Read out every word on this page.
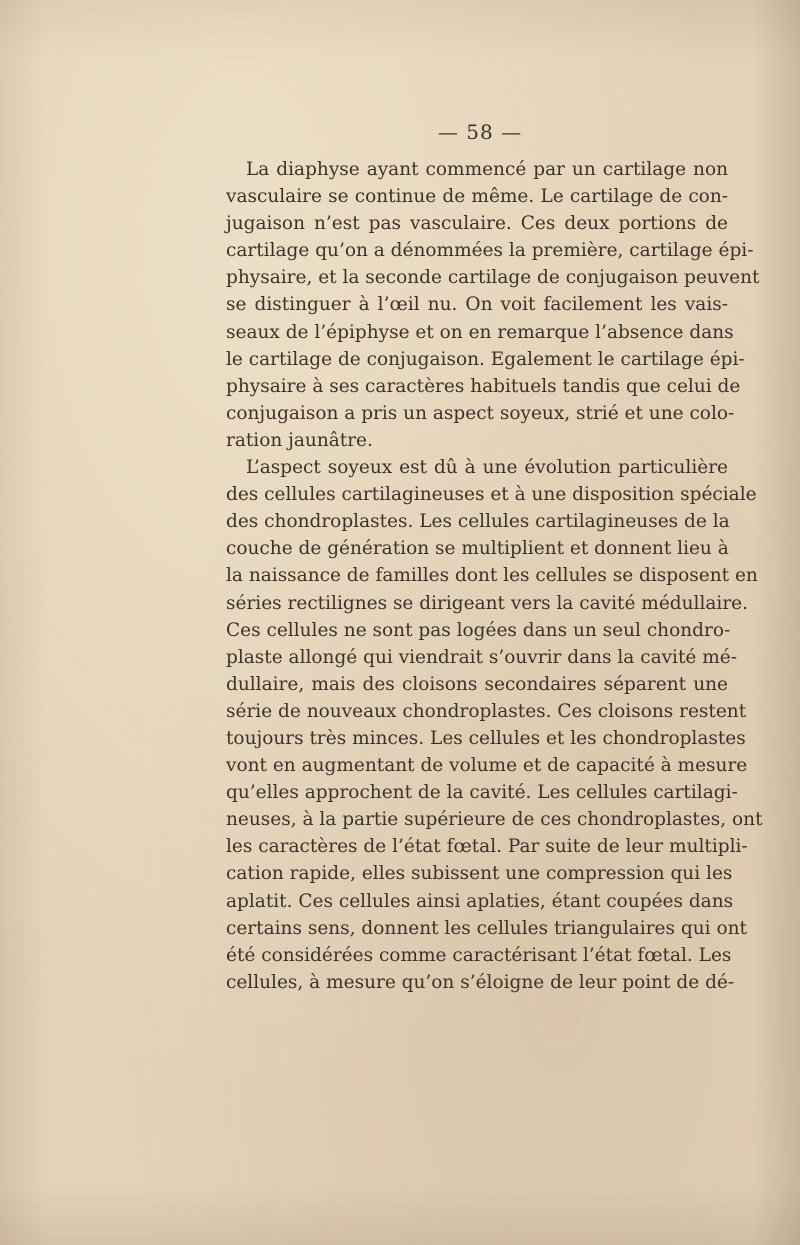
— 58 —
La diaphyse ayant commencé par un cartilage non
vasculaire se continue de même. Le cartilage de con-
jugaison n’est pas vasculaire. Ces deux portions de
cartilage qu’on a dénommées la première, cartilage épi-
physaire, et la seconde cartilage de conjugaison peuvent
se distinguer à l’œil nu. On voit facilement les vais-
seaux de l’épiphyse et on en remarque l’absence dans
le cartilage de conjugaison. Egalement le cartilage épi-
physaire à ses caractères habituels tandis que celui de
conjugaison a pris un aspect soyeux, strié et une colo-
ration jaunâtre.
L’aspect soyeux est dû à une évolution particulière
des cellules cartilagineuses et à une disposition spéciale
des chondroplastes. Les cellules cartilagineuses de la
couche de génération se multiplient et donnent lieu à
la naissance de familles dont les cellules se disposent en
séries rectilignes se dirigeant vers la cavité médullaire.
Ces cellules ne sont pas logées dans un seul chondro-
plaste allongé qui viendrait s’ouvrir dans la cavité mé-
dullaire, mais des cloisons secondaires séparent une
série de nouveaux chondroplastes. Ces cloisons restent
toujours très minces. Les cellules et les chondroplastes
vont en augmentant de volume et de capacité à mesure
qu’elles approchent de la cavité. Les cellules cartilagi-
neuses, à la partie supérieure de ces chondroplastes, ont
les caractères de l’état fœtal. Par suite de leur multipli-
cation rapide, elles subissent une compression qui les
aplatit. Ces cellules ainsi aplaties, étant coupées dans
certains sens, donnent les cellules triangulaires qui ont
été considérées comme caractérisant l’état fœtal. Les
cellules, à mesure qu’on s’éloigne de leur point de dé-
